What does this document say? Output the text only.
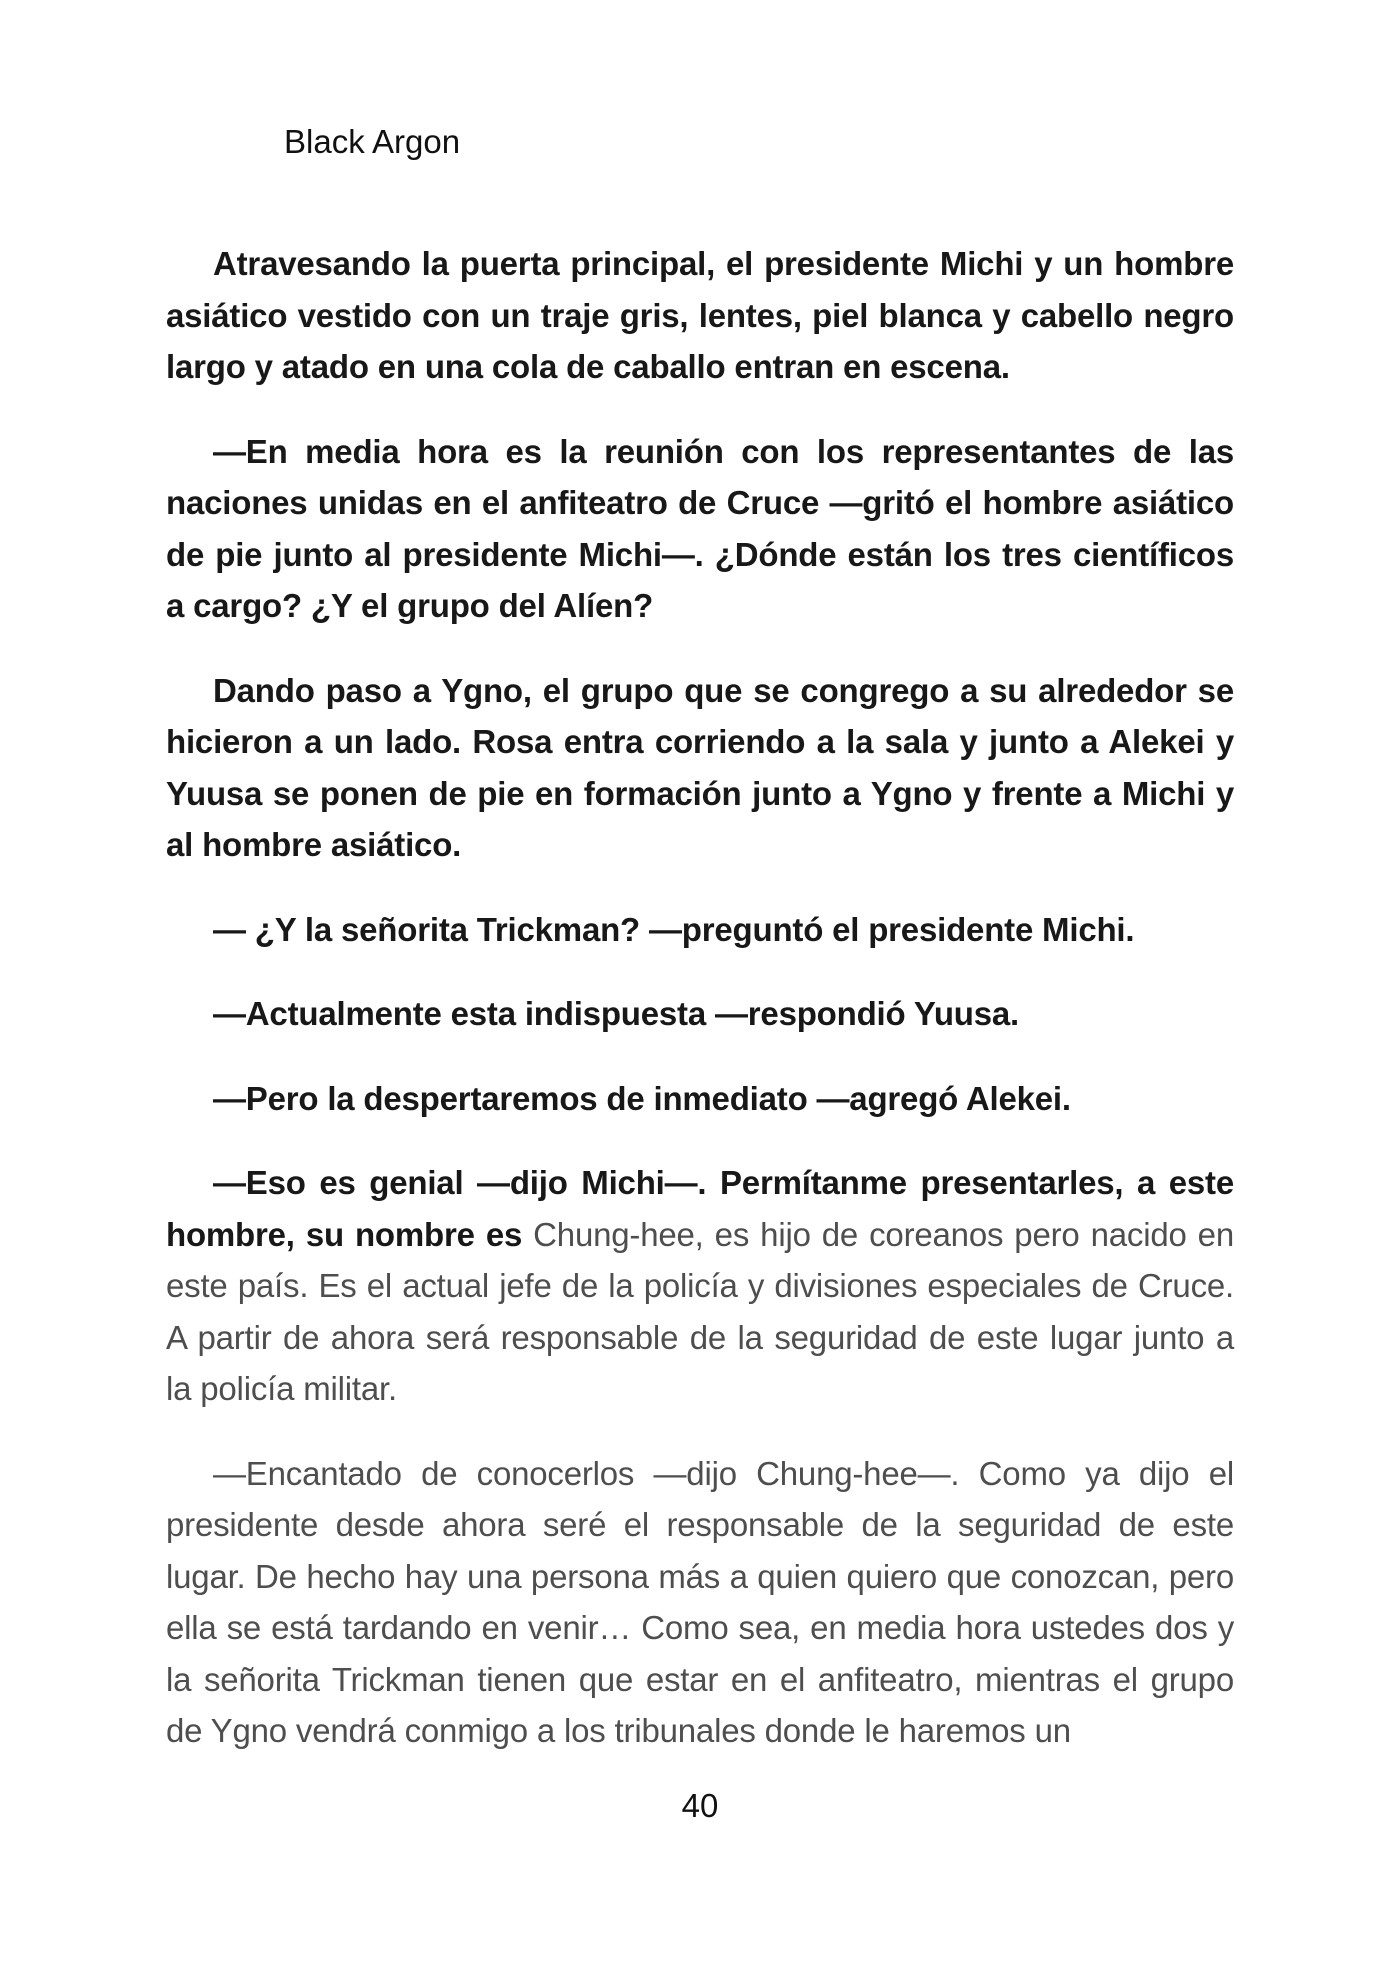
Black Argon

Atravesando la puerta principal, el presidente Michi y un hombre asiático vestido con un traje gris, lentes, piel blanca y cabello negro largo y atado en una cola de caballo entran en escena.

—En media hora es la reunión con los representantes de las naciones unidas en el anfiteatro de Cruce —gritó el hombre asiático de pie junto al presidente Michi—. ¿Dónde están los tres científicos a cargo? ¿Y el grupo del Alíen?

Dando paso a Ygno, el grupo que se congrego a su alrededor se hicieron a un lado. Rosa entra corriendo a la sala y junto a Alekei y Yuusa se ponen de pie en formación junto a Ygno y frente a Michi y al hombre asiático.

— ¿Y la señorita Trickman? —preguntó el presidente Michi.

—Actualmente esta indispuesta —respondió Yuusa.

—Pero la despertaremos de inmediato —agregó Alekei.

—Eso es genial —dijo Michi—. Permítanme presentarles, a este hombre, su nombre es Chung-hee, es hijo de coreanos pero nacido en este país. Es el actual jefe de la policía y divisiones especiales de Cruce. A partir de ahora será responsable de la seguridad de este lugar junto a la policía militar.

—Encantado de conocerlos —dijo Chung-hee—. Como ya dijo el presidente desde ahora seré el responsable de la seguridad de este lugar. De hecho hay una persona más a quien quiero que conozcan, pero ella se está tardando en venir… Como sea, en media hora ustedes dos y la señorita Trickman tienen que estar en el anfiteatro, mientras el grupo de Ygno vendrá conmigo a los tribunales donde le haremos un

40
